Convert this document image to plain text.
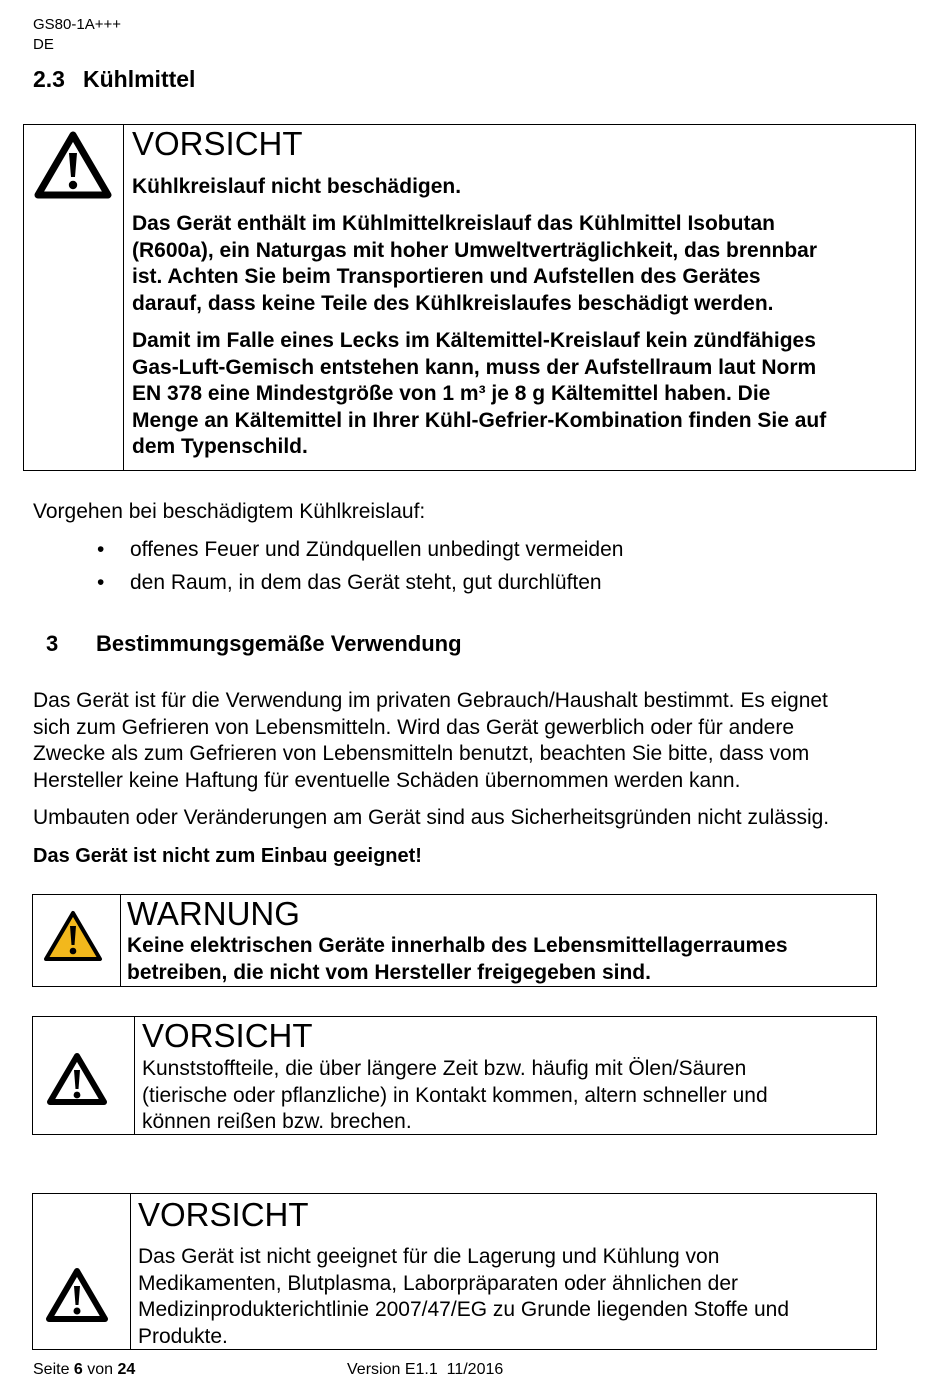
GS80-1A+++
DE
2.3 Kühlmittel
VORSICHT
Kühlkreislauf nicht beschädigen.
Das Gerät enthält im Kühlmittelkreislauf das Kühlmittel Isobutan
(R600a), ein Naturgas mit hoher Umweltverträglichkeit, das brennbar
ist. Achten Sie beim Transportieren und Aufstellen des Gerätes
darauf, dass keine Teile des Kühlkreislaufes beschädigt werden.
Damit im Falle eines Lecks im Kältemittel-Kreislauf kein zündfähiges
Gas-Luft-Gemisch entstehen kann, muss der Aufstellraum laut Norm
EN 378 eine Mindestgröße von 1 m³ je 8 g Kältemittel haben. Die
Menge an Kältemittel in Ihrer Kühl-Gefrier-Kombination finden Sie auf
dem Typenschild.
Vorgehen bei beschädigtem Kühlkreislauf:
• offenes Feuer und Zündquellen unbedingt vermeiden
• den Raum, in dem das Gerät steht, gut durchlüften
3 Bestimmungsgemäße Verwendung
Das Gerät ist für die Verwendung im privaten Gebrauch/Haushalt bestimmt. Es eignet
sich zum Gefrieren von Lebensmitteln. Wird das Gerät gewerblich oder für andere
Zwecke als zum Gefrieren von Lebensmitteln benutzt, beachten Sie bitte, dass vom
Hersteller keine Haftung für eventuelle Schäden übernommen werden kann.
Umbauten oder Veränderungen am Gerät sind aus Sicherheitsgründen nicht zulässig.
Das Gerät ist nicht zum Einbau geeignet!
WARNUNG
Keine elektrischen Geräte innerhalb des Lebensmittellagerraumes
betreiben, die nicht vom Hersteller freigegeben sind.
VORSICHT
Kunststoffteile, die über längere Zeit bzw. häufig mit Ölen/Säuren
(tierische oder pflanzliche) in Kontakt kommen, altern schneller und
können reißen bzw. brechen.
VORSICHT
Das Gerät ist nicht geeignet für die Lagerung und Kühlung von
Medikamenten, Blutplasma, Laborpräparaten oder ähnlichen der
Medizinprodukterichtlinie 2007/47/EG zu Grunde liegenden Stoffe und
Produkte.
Seite 6 von 24	Version E1.1  11/2016
